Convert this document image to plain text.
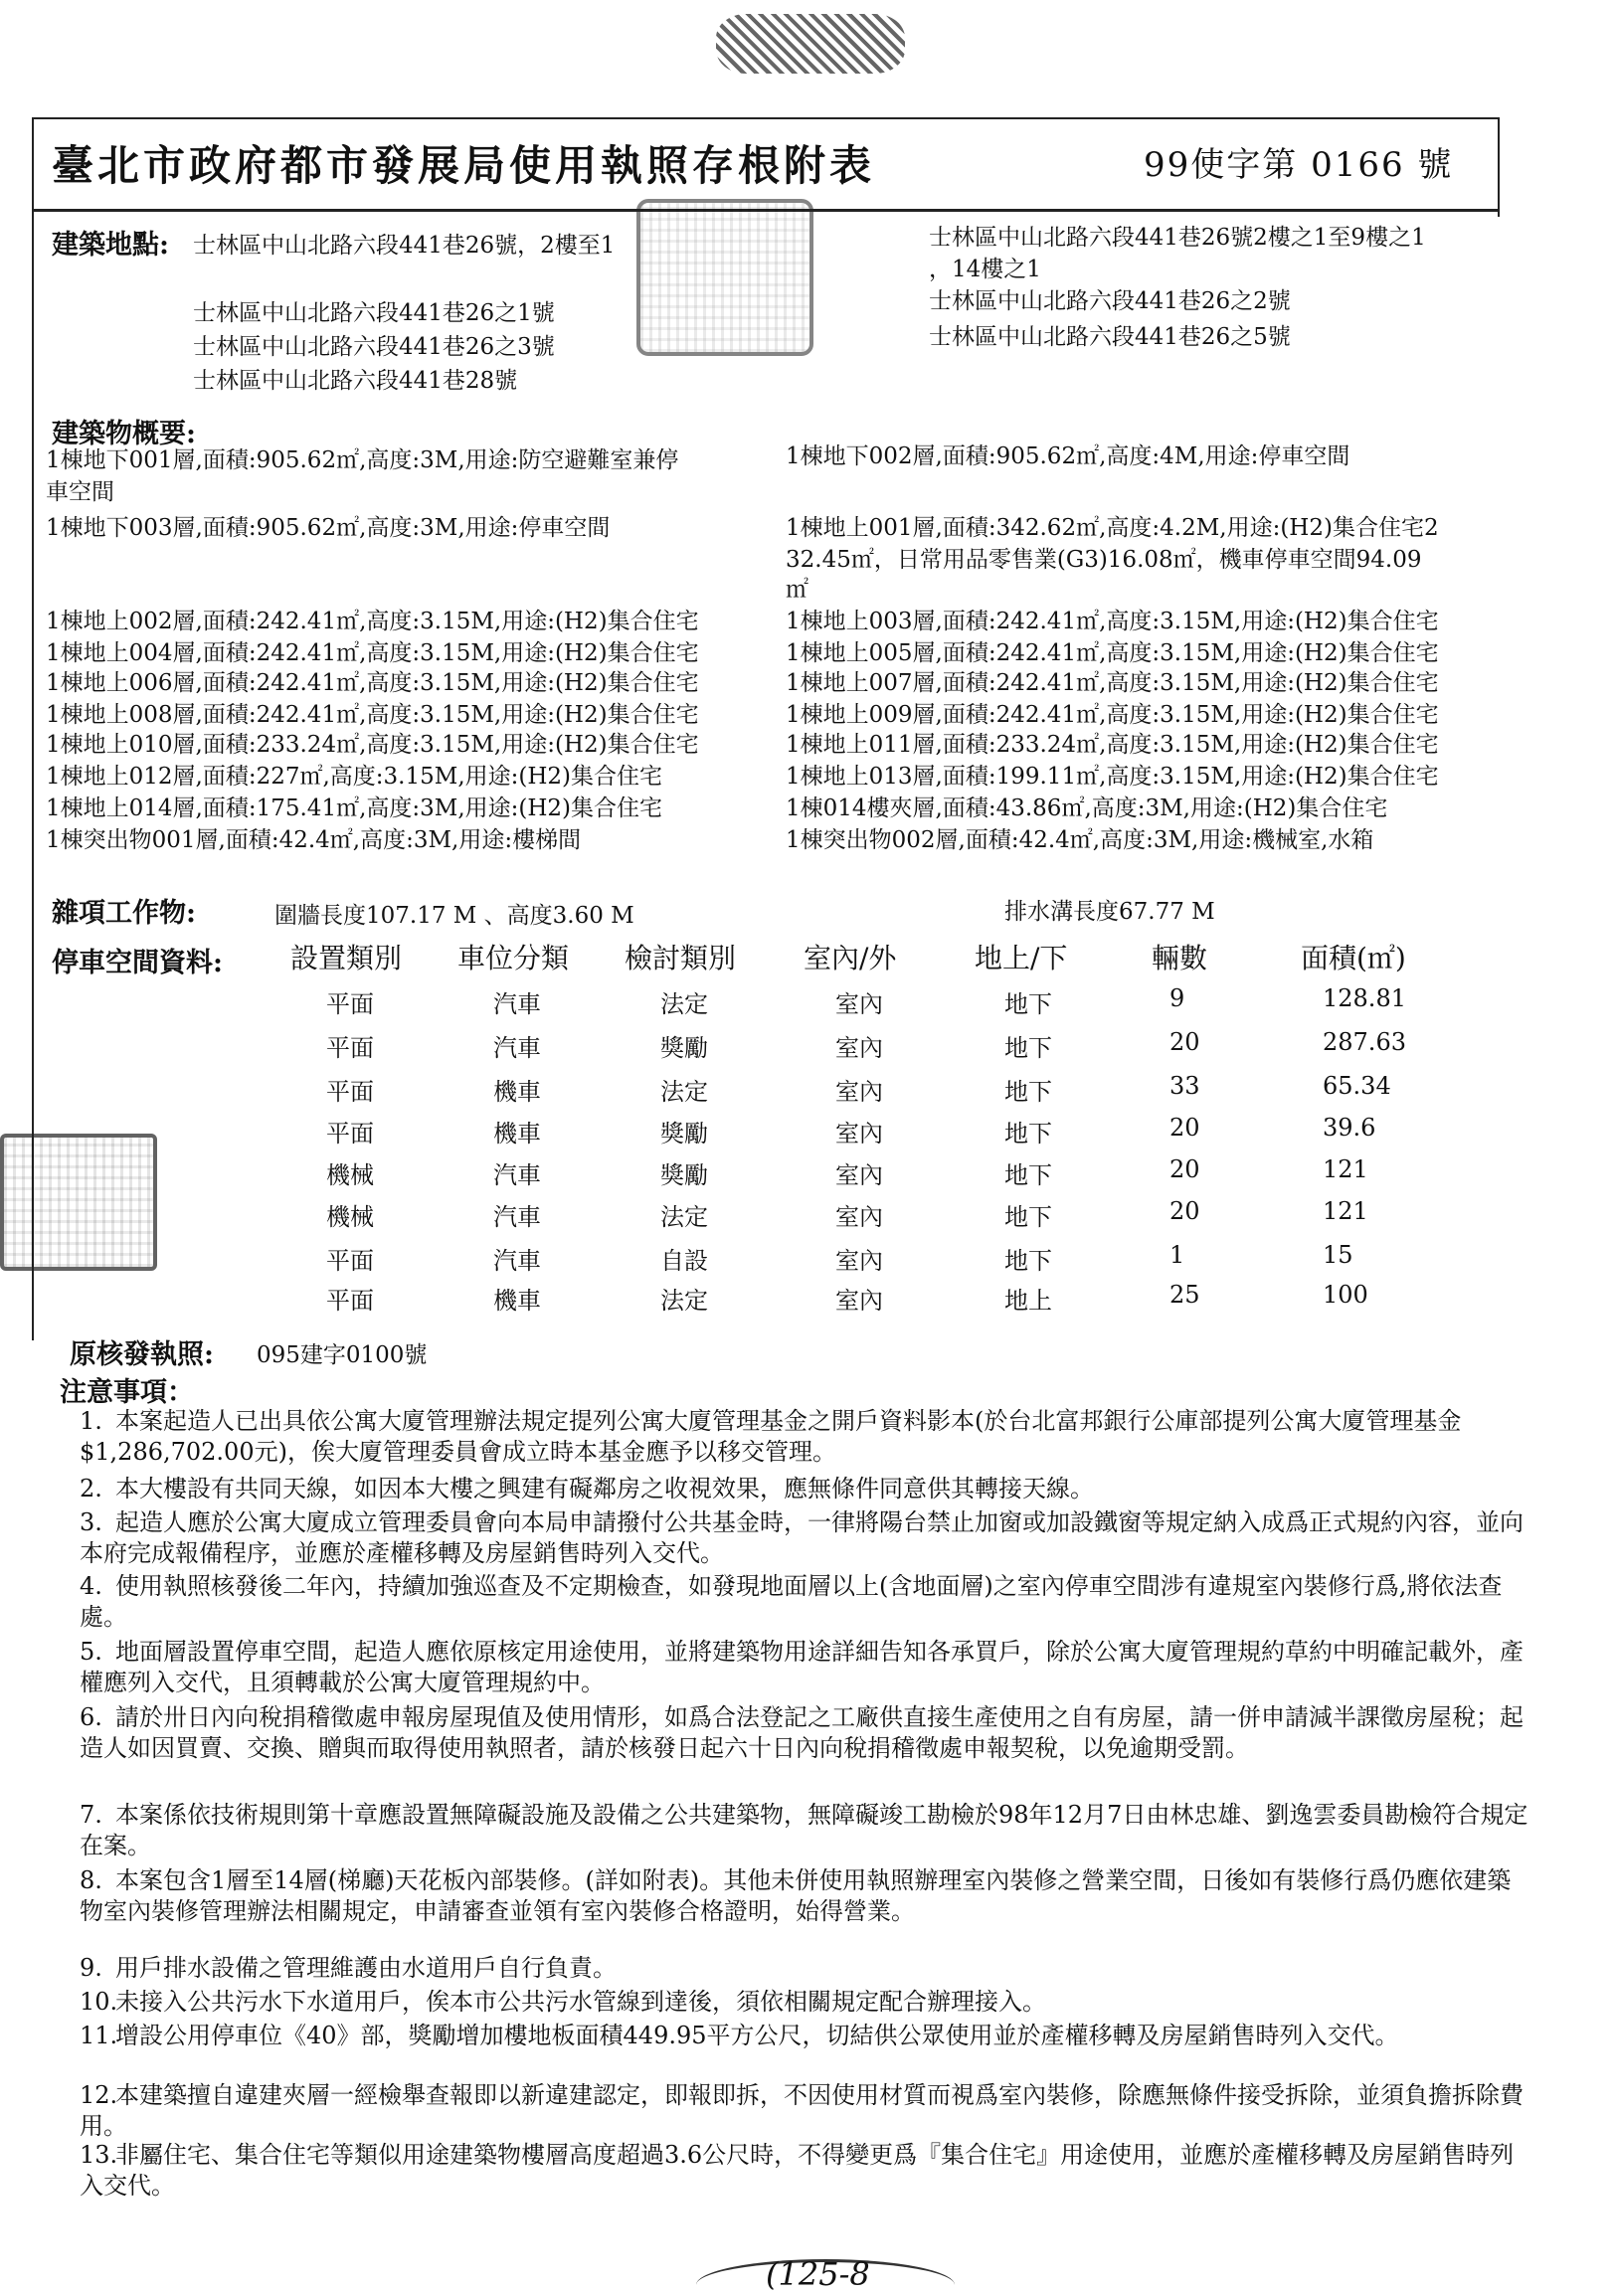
臺北市政府都市發展局使用執照存根附表	99使字第 0166 號
建築地點: 士林區中山北路六段441巷26號，2樓至1
士林區中山北路六段441巷26之1號
士林區中山北路六段441巷26之3號
士林區中山北路六段441巷28號
士林區中山北路六段441巷26號2樓之1至9樓之1
，14樓之1
士林區中山北路六段441巷26之2號
士林區中山北路六段441巷26之5號
建築物概要:
1棟地下001層,面積:905.62㎡,高度:3M,用途:防空避難室兼停
車空間
1棟地下002層,面積:905.62㎡,高度:4M,用途:停車空間
1棟地下003層,面積:905.62㎡,高度:3M,用途:停車空間	1棟地上001層,面積:342.62㎡,高度:4.2M,用途:(H2)集合住宅2
32.45㎡，日常用品零售業(G3)16.08㎡，機車停車空間94.09
㎡
1棟地上002層,面積:242.41㎡,高度:3.15M,用途:(H2)集合住宅	1棟地上003層,面積:242.41㎡,高度:3.15M,用途:(H2)集合住宅
1棟地上004層,面積:242.41㎡,高度:3.15M,用途:(H2)集合住宅	1棟地上005層,面積:242.41㎡,高度:3.15M,用途:(H2)集合住宅
1棟地上006層,面積:242.41㎡,高度:3.15M,用途:(H2)集合住宅	1棟地上007層,面積:242.41㎡,高度:3.15M,用途:(H2)集合住宅
1棟地上008層,面積:242.41㎡,高度:3.15M,用途:(H2)集合住宅	1棟地上009層,面積:242.41㎡,高度:3.15M,用途:(H2)集合住宅
1棟地上010層,面積:233.24㎡,高度:3.15M,用途:(H2)集合住宅	1棟地上011層,面積:233.24㎡,高度:3.15M,用途:(H2)集合住宅
1棟地上012層,面積:227㎡,高度:3.15M,用途:(H2)集合住宅	1棟地上013層,面積:199.11㎡,高度:3.15M,用途:(H2)集合住宅
1棟地上014層,面積:175.41㎡,高度:3M,用途:(H2)集合住宅	1棟014樓夾層,面積:43.86㎡,高度:3M,用途:(H2)集合住宅
1棟突出物001層,面積:42.4㎡,高度:3M,用途:樓梯間	1棟突出物002層,面積:42.4㎡,高度:3M,用途:機械室,水箱
雜項工作物:	圍牆長度107.17 M 、高度3.60 M	排水溝長度67.77 M
停車空間資料: 設置類別 車位分類 檢討類別 室內/外	地上/下	輛數	面積(㎡)
平面	汽車	法定	室內	地下	9	128.81
平面	汽車	獎勵	室內	地下	20	287.63
平面	機車	法定	室內	地下	33	65.34
平面	機車	獎勵	室內	地下	20	39.6
機械	汽車	獎勵	室內	地下	20	121
機械	汽車	法定	室內	地下	20	121
平面	汽車	自設	室內	地下	1	15
平面	機車	法定	室內	地上	25	100
原核發執照: 095建字0100號
注意事項：
1. 本案起造人已出具依公寓大廈管理辦法規定提列公寓大廈管理基金之開戶資料影本(於台北富邦銀行公庫部提列公寓大廈管理基金$1,286,702.00元)，俟大廈管理委員會成立時本基金應予以移交管理。
2. 本大樓設有共同天線，如因本大樓之興建有礙鄰房之收視效果，應無條件同意供其轉接天線。
3. 起造人應於公寓大廈成立管理委員會向本局申請撥付公共基金時，一律將陽台禁止加窗或加設鐵窗等規定納入成爲正式規約內容，並向本府完成報備程序，並應於產權移轉及房屋銷售時列入交代。
4. 使用執照核發後二年內，持續加強巡查及不定期檢查，如發現地面層以上(含地面層)之室內停車空間涉有違規室內裝修行爲,將依法查處。
5. 地面層設置停車空間，起造人應依原核定用途使用，並將建築物用途詳細告知各承買戶，除於公寓大廈管理規約草約中明確記載外，產權應列入交代，且須轉載於公寓大廈管理規約中。
6. 請於卅日內向稅捐稽徵處申報房屋現值及使用情形，如爲合法登記之工廠供直接生產使用之自有房屋，請一併申請減半課徵房屋稅；起造人如因買賣、交換、贈與而取得使用執照者，請於核發日起六十日內向稅捐稽徵處申報契稅，以免逾期受罰。
7. 本案係依技術規則第十章應設置無障礙設施及設備之公共建築物，無障礙竣工勘檢於98年12月7日由林忠雄、劉逸雲委員勘檢符合規定在案。
8. 本案包含1層至14層(梯廳)天花板內部裝修。(詳如附表)。其他未併使用執照辦理室內裝修之營業空間，日後如有裝修行爲仍應依建築物室內裝修管理辦法相關規定，申請審查並領有室內裝修合格證明，始得營業。
9. 用戶排水設備之管理維護由水道用戶自行負責。
10.未接入公共污水下水道用戶，俟本市公共污水管線到達後，須依相關規定配合辦理接入。
11.增設公用停車位《40》部，獎勵增加樓地板面積449.95平方公尺，切結供公眾使用並於產權移轉及房屋銷售時列入交代。
12.本建築擅自違建夾層一經檢舉查報即以新違建認定，即報即拆，不因使用材質而視爲室內裝修，除應無條件接受拆除，並須負擔拆除費用。
13.非屬住宅、集合住宅等類似用途建築物樓層高度超過3.6公尺時，不得變更爲『集合住宅』用途使用，並應於產權移轉及房屋銷售時列入交代。
(125-8
